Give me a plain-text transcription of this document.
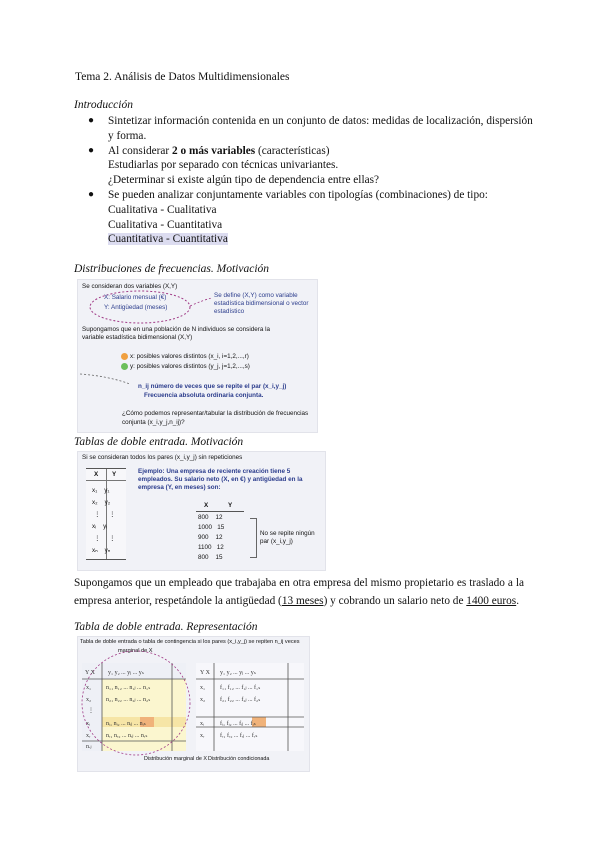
Tema 2. Análisis de Datos Multidimensionales
Introducción
● Sintetizar información contenida en un conjunto de datos: medidas de localización, dispersión
y forma.
● Al considerar 2 o más variables (características)
Estudiarlas por separado con técnicas univariantes.
¿Determinar si existe algún tipo de dependencia entre ellas?
● Se pueden analizar conjuntamente variables con tipologías (combinaciones) de tipo:
Cualitativa - Cualitativa
Cualitativa - Cuantitativa
Cuantitativa - Cuantitativa
Distribuciones de frecuencias. Motivación
Se consideran dos variables (X,Y)
X: Salario mensual (€)
Y: Antigüedad (meses)
Se define (X,Y) como variable estadística bidimensional o vector estadístico
Supongamos que en una población de N individuos se considera la
variable estadística bidimensional (X,Y)
x: posibles valores distintos (x_i, i=1,2,...,r)
y: posibles valores distintos (y_j, j=1,2,...,s)
n_ij número de veces que se repite el par (x_i,y_j)
Frecuencia absoluta ordinaria conjunta.
¿Cómo podemos representar/tabular la distribución de frecuencias
conjunta (x_i,y_j,n_ij)?
Tablas de doble entrada. Motivación
Si se consideran todos los pares (x_i,y_j) sin repeticiones
X Y
x₁    y₁
x₂    y₂
⋮     ⋮
xᵢ    yᵢ
⋮     ⋮
xₙ    yₙ
Ejemplo: Una empresa de reciente creación tiene 5 empleados. Su salario neto (X, en €) y antigüedad en la empresa (Y, en meses) son:
X	Y
800 12
1000 15
900 12
1100 12
800 15
No se repite ningún par (x_i,y_j)
Supongamos que un empleado que trabajaba en otra empresa del mismo propietario es traslado a la empresa anterior, respetándole la antigüedad (13 meses) y cobrando un salario neto de 1400 euros.
Tabla de doble entrada. Representación
Tabla de doble entrada o tabla de contingencia si los pares (x_i,y_j) se repiten n_ij veces
marginal de X
Y X y₁ y₂ ... yⱼ ... yₛ
x₁ n₁₁ n₁₂ ... n₁ⱼ ... n₁ₛ
x₂ n₂₁ n₂₂ ... n₂ⱼ ... n₂ₛ
⋮
xᵢ	nᵢ₁ nᵢ₂ ... nᵢⱼ ... nᵢₛ
xᵣ	nᵣ₁ nᵣ₂ ... nᵣⱼ ... nᵣₛ
n.ⱼ
Y X y₁ y₂ ... yⱼ ... yₛ
x₁ f₁₁ f₁₂ ... f₁ⱼ ... f₁ₛ
x₂ f₂₁ f₂₂ ... f₂ⱼ ... f₂ₛ
xᵢ	fᵢ₁ fᵢ₂ ... fᵢⱼ ... fᵢₛ
xᵣ	fᵣ₁ fᵣ₂ ... fᵣⱼ ... fᵣₛ
Distribución marginal de X Distribución condicionada
